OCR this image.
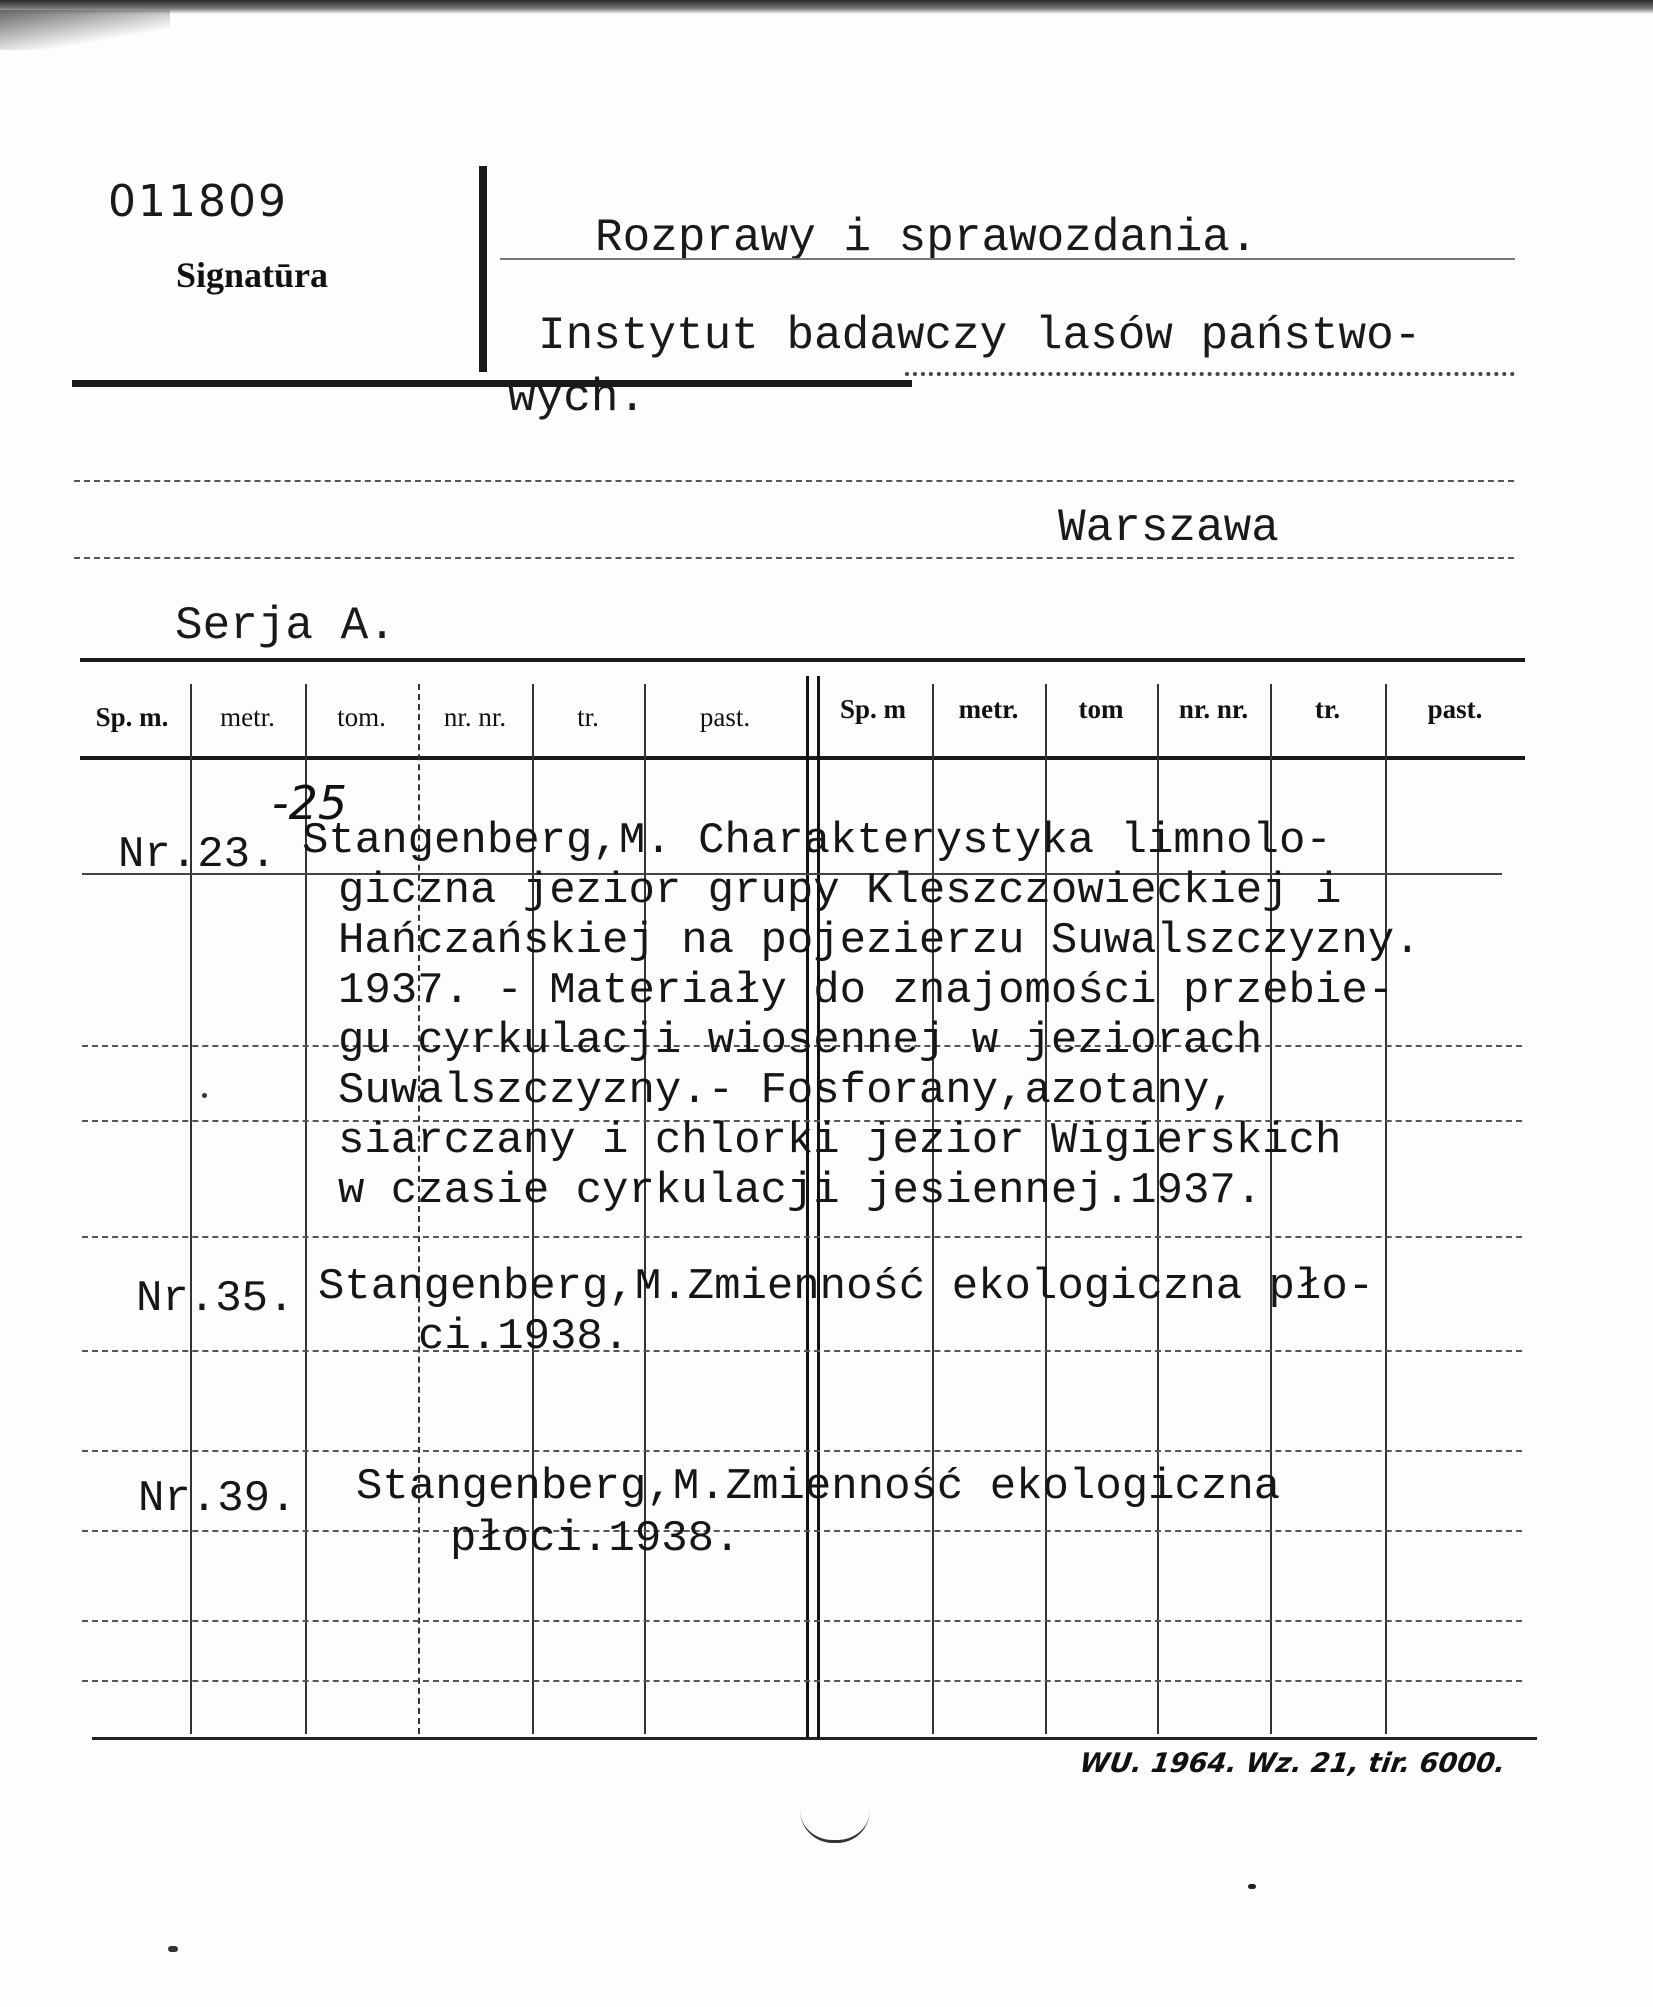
011809
Signatūra
Rozprawy i sprawozdania.
Instytut badawczy lasów państwo-
wych.
Warszawa
Serja A.
Sp. m.	metr.	tom.	nr. nr.	tr.	past.	Sp. m	metr.	tom	nr. nr.	tr.	past.
-25
Nr.23. Stangenberg,M. Charakterystyka limnolo-
giczna jezior grupy Kleszczowieckiej i
Hańczańskiej na pojezierzu Suwalszczyzny.
1937. - Materiały do znajomości przebie-
gu cyrkulacji wiosennej w jeziorach
Suwalszczyzny.- Fosforany,azotany,
siarczany i chlorki jezior Wigierskich
w czasie cyrkulacji jesiennej.1937.
Nr.35. Stangenberg,M.Zmienność ekologiczna pło-
ci.1938.
Nr.39. Stangenberg,M.Zmienność ekologiczna
płoci.1938.
WU. 1964. Wz. 21, tir. 6000.
